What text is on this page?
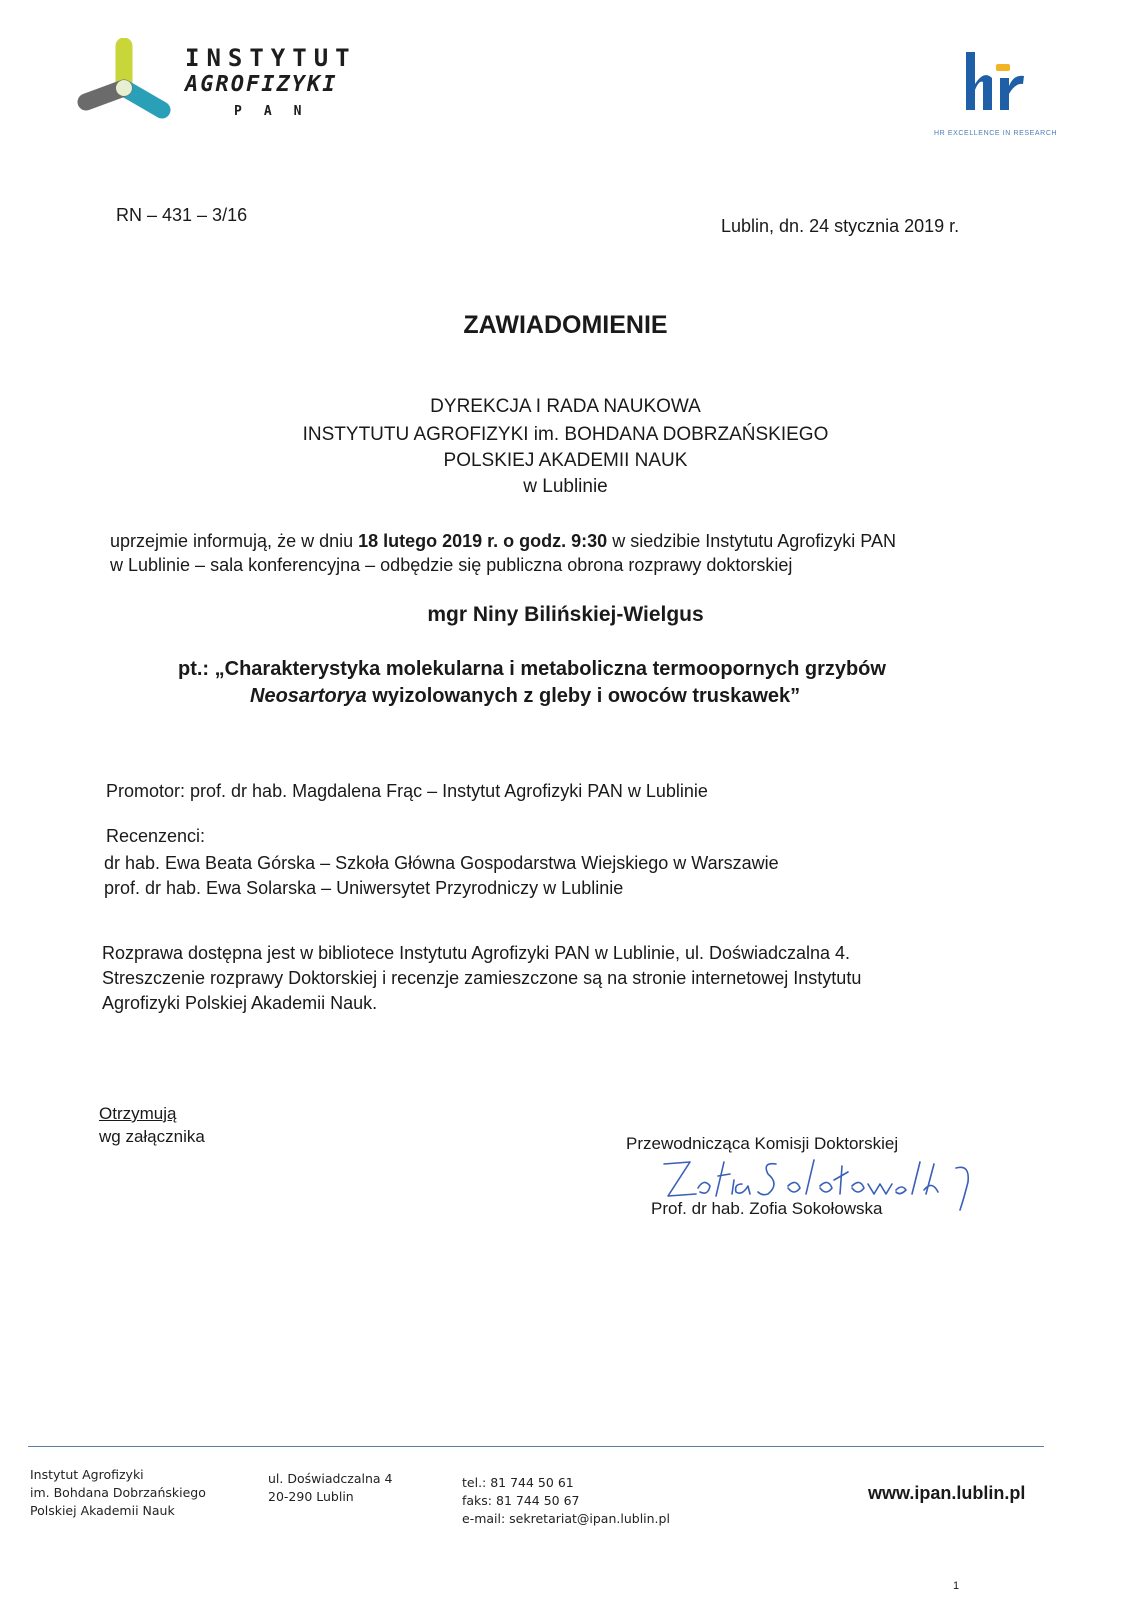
INSTYTUT
AGROFIZYKI
PAN
HR EXCELLENCE IN RESEARCH
RN – 431 – 3/16
Lublin, dn. 24 stycznia 2019 r.
ZAWIADOMIENIE
DYREKCJA I RADA NAUKOWA
INSTYTUTU AGROFIZYKI im. BOHDANA DOBRZAŃSKIEGO
POLSKIEJ AKADEMII NAUK
w Lublinie
uprzejmie informują, że w dniu 18 lutego 2019 r. o godz. 9:30 w siedzibie Instytutu Agrofizyki PAN
w Lublinie – sala konferencyjna – odbędzie się publiczna obrona rozprawy doktorskiej
mgr Niny Bilińskiej-Wielgus
pt.: „Charakterystyka molekularna i metaboliczna termoopornych grzybów
Neosartorya wyizolowanych z gleby i owoców truskawek”
Promotor: prof. dr hab. Magdalena Frąc – Instytut Agrofizyki PAN w Lublinie
Recenzenci:
dr hab. Ewa Beata Górska – Szkoła Główna Gospodarstwa Wiejskiego w Warszawie
prof. dr hab. Ewa Solarska – Uniwersytet Przyrodniczy w Lublinie
Rozprawa dostępna jest w bibliotece Instytutu Agrofizyki PAN w Lublinie, ul. Doświadczalna 4.
Streszczenie rozprawy Doktorskiej i recenzje zamieszczone są na stronie internetowej Instytutu
Agrofizyki Polskiej Akademii Nauk.
Otrzymują
wg załącznika	Przewodnicząca Komisji Doktorskiej
Prof. dr hab. Zofia Sokołowska
Instytut Agrofizyki
im. Bohdana Dobrzańskiego
Polskiej Akademii Nauk
ul. Doświadczalna 4
20-290 Lublin
tel.: 81 744 50 61
faks: 81 744 50 67
e-mail: sekretariat@ipan.lublin.pl
www.ipan.lublin.pl
1
